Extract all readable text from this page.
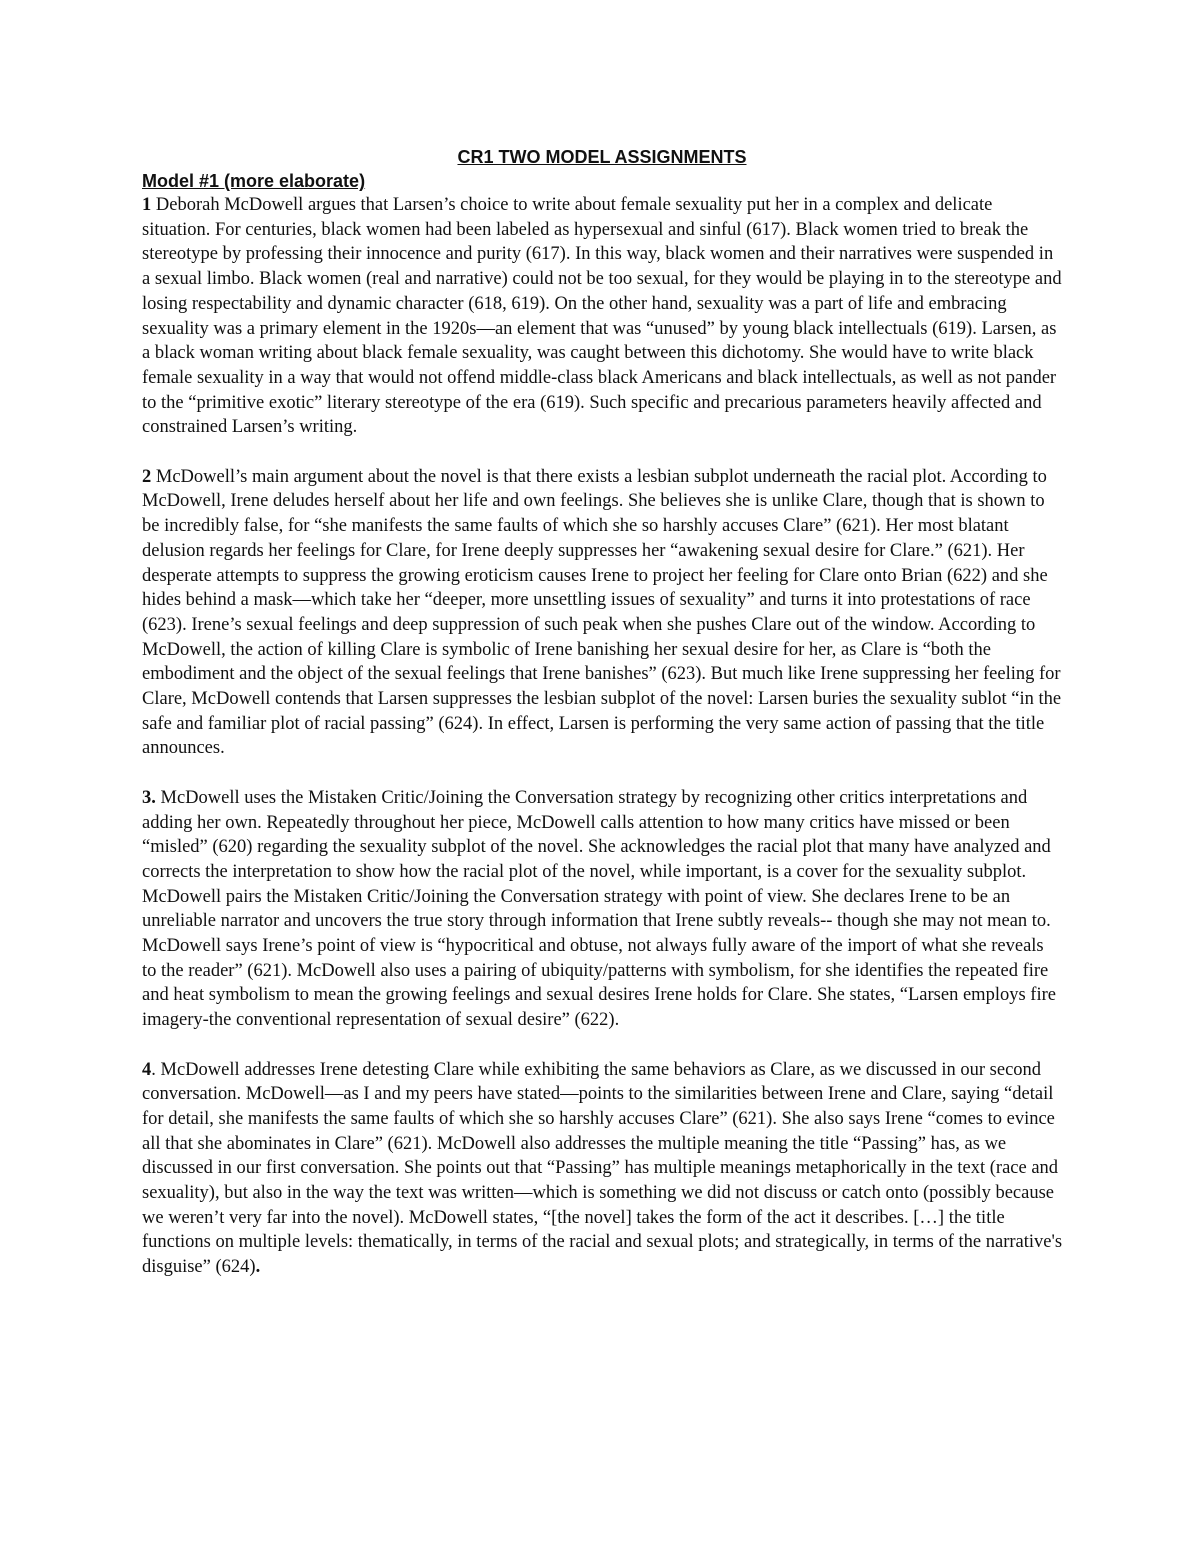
CR1 TWO MODEL ASSIGNMENTS
Model #1 (more elaborate)

1 Deborah McDowell argues that Larsen’s choice to write about female sexuality put her in a complex and delicate situation. For centuries, black women had been labeled as hypersexual and sinful (617). Black women tried to break the stereotype by professing their innocence and purity (617). In this way, black women and their narratives were suspended in a sexual limbo. Black women (real and narrative) could not be too sexual, for they would be playing in to the stereotype and losing respectability and dynamic character (618, 619). On the other hand, sexuality was a part of life and embracing sexuality was a primary element in the 1920s—an element that was “unused” by young black intellectuals (619). Larsen, as a black woman writing about black female sexuality, was caught between this dichotomy. She would have to write black female sexuality in a way that would not offend middle-class black Americans and black intellectuals, as well as not pander to the “primitive exotic” literary stereotype of the era (619). Such specific and precarious parameters heavily affected and constrained Larsen’s writing.

2 McDowell’s main argument about the novel is that there exists a lesbian subplot underneath the racial plot. According to McDowell, Irene deludes herself about her life and own feelings. She believes she is unlike Clare, though that is shown to be incredibly false, for “she manifests the same faults of which she so harshly accuses Clare” (621). Her most blatant delusion regards her feelings for Clare, for Irene deeply suppresses her “awakening sexual desire for Clare.” (621). Her desperate attempts to suppress the growing eroticism causes Irene to project her feeling for Clare onto Brian (622) and she hides behind a mask—which take her “deeper, more unsettling issues of sexuality” and turns it into protestations of race (623). Irene’s sexual feelings and deep suppression of such peak when she pushes Clare out of the window. According to McDowell, the action of killing Clare is symbolic of Irene banishing her sexual desire for her, as Clare is “both the embodiment and the object of the sexual feelings that Irene banishes” (623). But much like Irene suppressing her feeling for Clare, McDowell contends that Larsen suppresses the lesbian subplot of the novel: Larsen buries the sexuality sublot “in the safe and familiar plot of racial passing” (624). In effect, Larsen is performing the very same action of passing that the title announces.

3. McDowell uses the Mistaken Critic/Joining the Conversation strategy by recognizing other critics interpretations and adding her own. Repeatedly throughout her piece, McDowell calls attention to how many critics have missed or been “misled” (620) regarding the sexuality subplot of the novel. She acknowledges the racial plot that many have analyzed and corrects the interpretation to show how the racial plot of the novel, while important, is a cover for the sexuality subplot. McDowell pairs the Mistaken Critic/Joining the Conversation strategy with point of view. She declares Irene to be an unreliable narrator and uncovers the true story through information that Irene subtly reveals-- though she may not mean to. McDowell says Irene’s point of view is “hypocritical and obtuse, not always fully aware of the import of what she reveals to the reader” (621). McDowell also uses a pairing of ubiquity/patterns with symbolism, for she identifies the repeated fire and heat symbolism to mean the growing feelings and sexual desires Irene holds for Clare. She states, “Larsen employs fire imagery-the conventional representation of sexual desire” (622).

4. McDowell addresses Irene detesting Clare while exhibiting the same behaviors as Clare, as we discussed in our second conversation. McDowell—as I and my peers have stated—points to the similarities between Irene and Clare, saying “detail for detail, she manifests the same faults of which she so harshly accuses Clare” (621). She also says Irene “comes to evince all that she abominates in Clare” (621). McDowell also addresses the multiple meaning the title “Passing” has, as we discussed in our first conversation. She points out that “Passing” has multiple meanings metaphorically in the text (race and sexuality), but also in the way the text was written—which is something we did not discuss or catch onto (possibly because we weren’t very far into the novel). McDowell states, “[the novel] takes the form of the act it describes. […] the title functions on multiple levels: thematically, in terms of the racial and sexual plots; and strategically, in terms of the narrative's disguise” (624).
